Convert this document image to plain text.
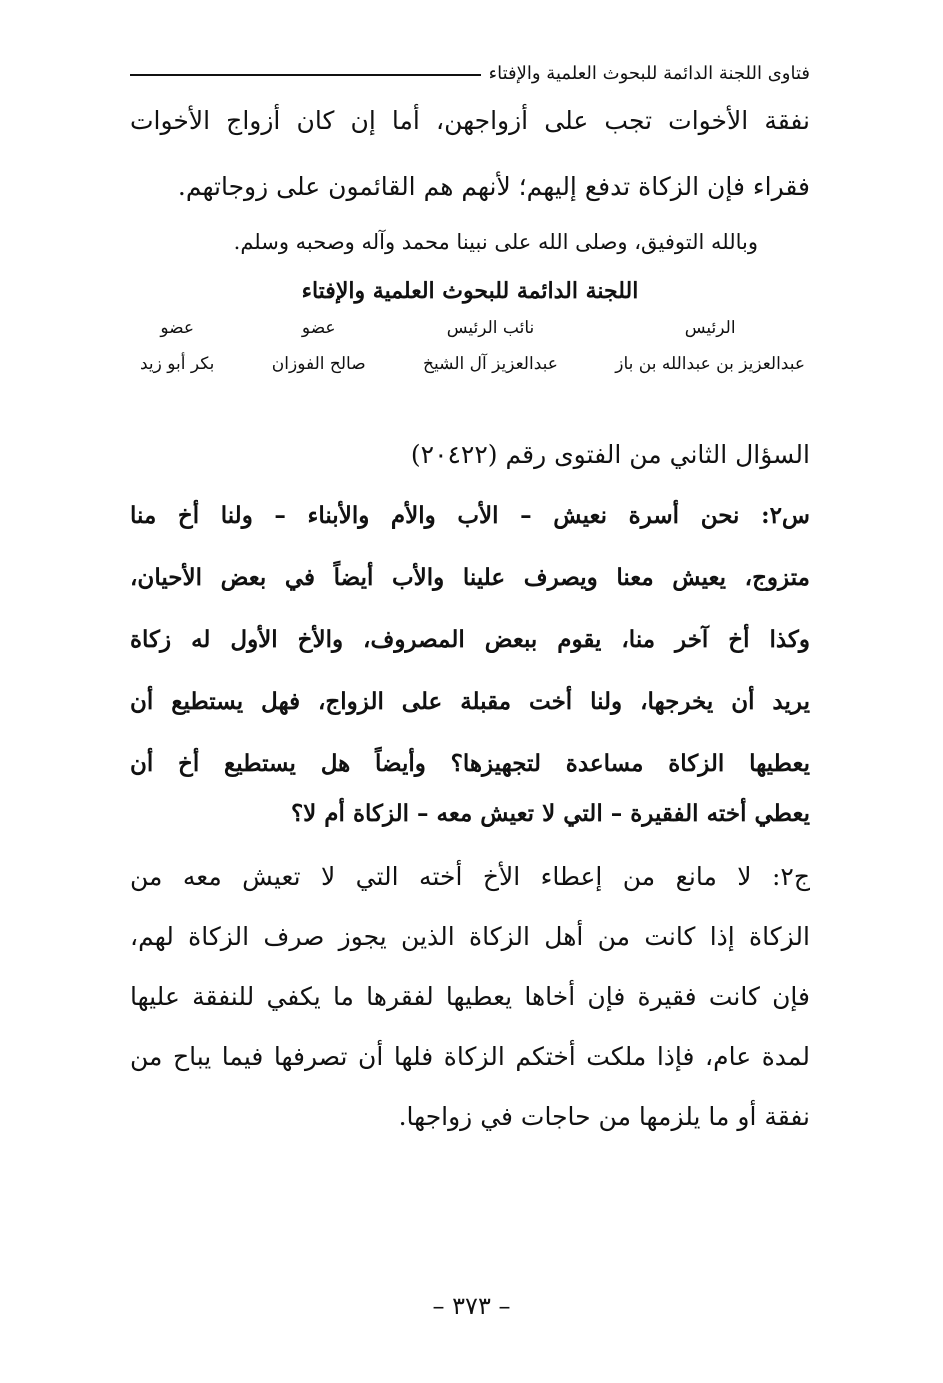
فتاوى اللجنة الدائمة للبحوث العلمية والإفتاء
نفقة الأخوات تجب على أزواجهن، أما إن كان أزواج الأخوات
فقراء فإن الزكاة تدفع إليهم؛ لأنهم هم القائمون على زوجاتهم.
وبالله التوفيق، وصلى الله على نبينا محمد وآله وصحبه وسلم.
اللجنة الدائمة للبحوث العلمية والإفتاء
الرئيس
عبدالعزيز بن عبدالله بن باز
نائب الرئيس
عبدالعزيز آل الشيخ
عضو
صالح الفوزان
عضو
بكر أبو زيد
السؤال الثاني من الفتوى رقم (٢٠٤٢٢)
س٢: نحن أسرة نعيش – الأب والأم والأبناء – ولنا أخ منا
متزوج، يعيش معنا ويصرف علينا والأب أيضاً في بعض الأحيان،
وكذا أخ آخر منا، يقوم ببعض المصروف، والأخ الأول له زكاة
يريد أن يخرجها، ولنا أخت مقبلة على الزواج، فهل يستطيع أن
يعطيها الزكاة مساعدة لتجهيزها؟ وأيضاً هل يستطيع أخ أن
يعطي أخته الفقيرة – التي لا تعيش معه – الزكاة أم لا؟
ج٢: لا مانع من إعطاء الأخ أخته التي لا تعيش معه من
الزكاة إذا كانت من أهل الزكاة الذين يجوز صرف الزكاة لهم،
فإن كانت فقيرة فإن أخاها يعطيها لفقرها ما يكفي للنفقة عليها
لمدة عام، فإذا ملكت أختكم الزكاة فلها أن تصرفها فيما يباح من
نفقة أو ما يلزمها من حاجات في زواجها.
– ٣٧٣ –
